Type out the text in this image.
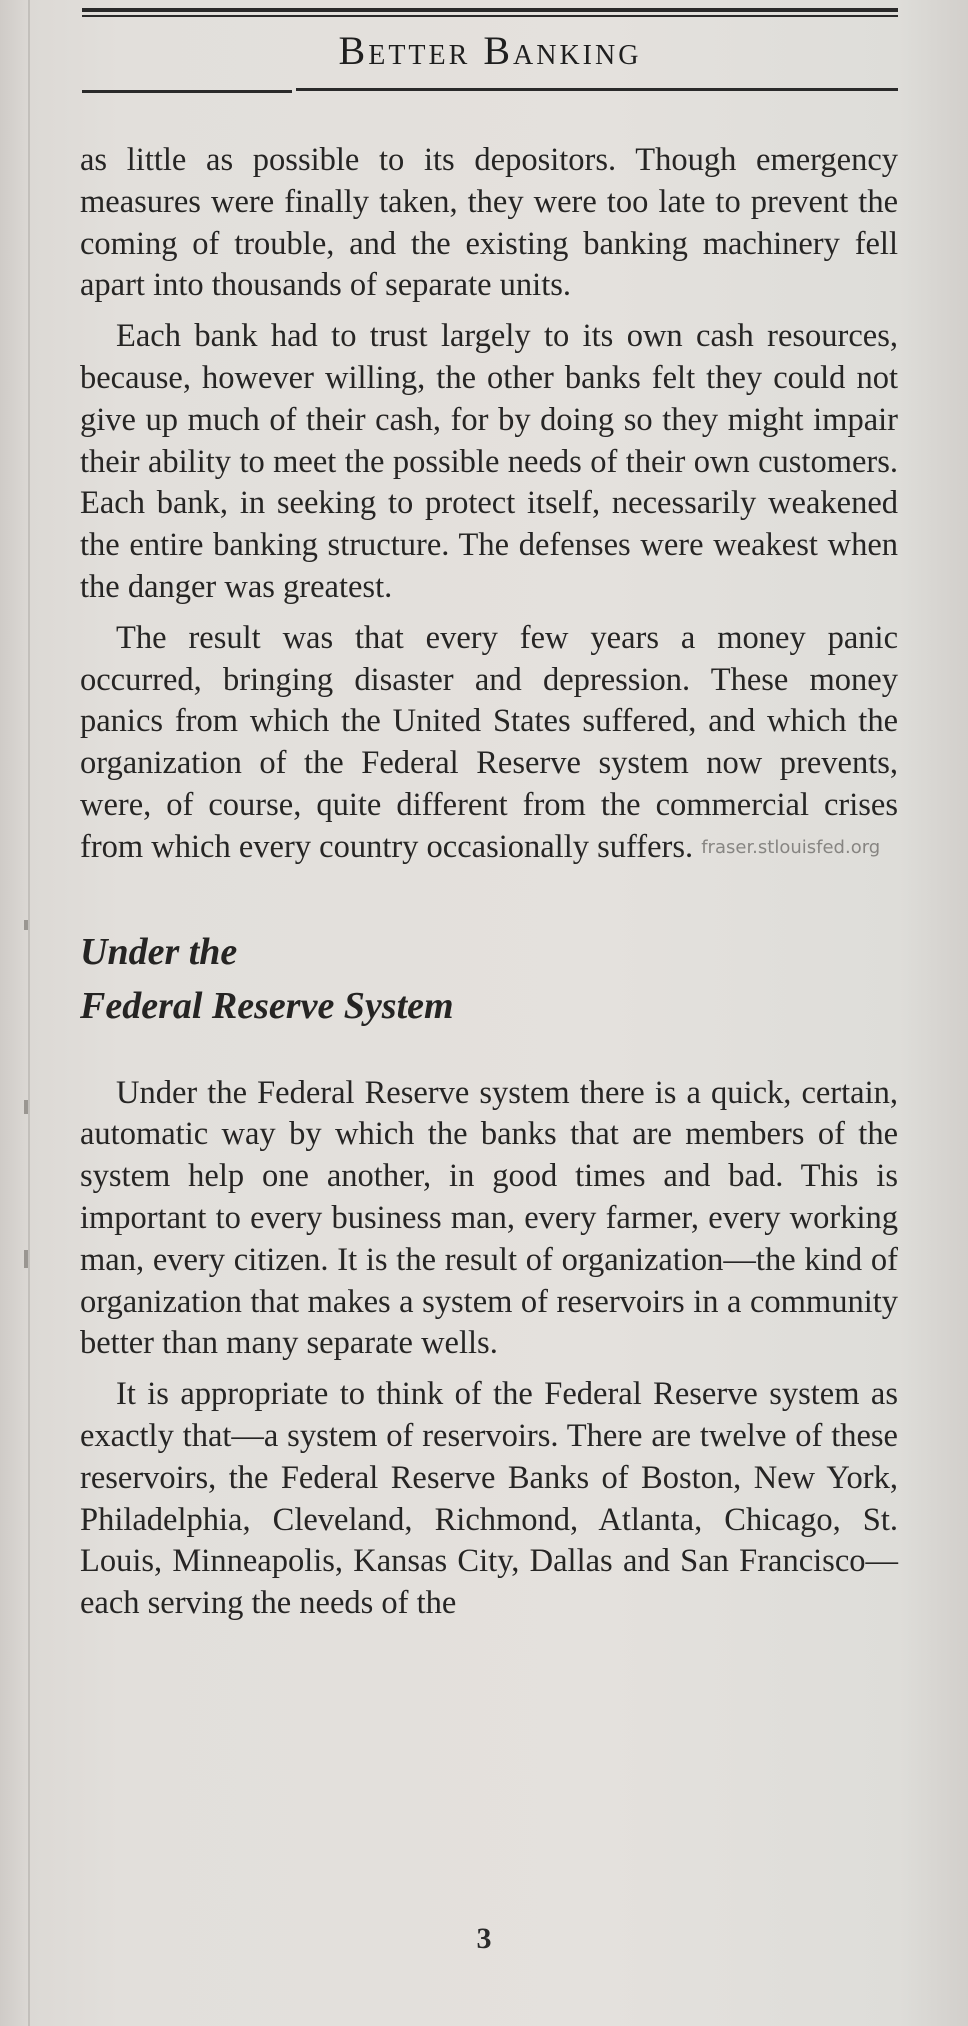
Better Banking

as little as possible to its depositors. Though emergency measures were finally taken, they were too late to prevent the coming of trouble, and the existing banking machinery fell apart into thousands of separate units.

Each bank had to trust largely to its own cash resources, because, however willing, the other banks felt they could not give up much of their cash, for by doing so they might impair their ability to meet the possible needs of their own customers. Each bank, in seeking to protect itself, necessarily weakened the entire banking structure. The defenses were weakest when the danger was greatest.

The result was that every few years a money panic occurred, bringing disaster and depression. These money panics from which the United States suffered, and which the organization of the Federal Reserve system now prevents, were, of course, quite different from the commercial crises from which every country occasionally suffers. fraser.stlouisfed.org

Under the
Federal Reserve System

Under the Federal Reserve system there is a quick, certain, automatic way by which the banks that are members of the system help one another, in good times and bad. This is important to every business man, every farmer, every working man, every citizen. It is the result of organization—the kind of organization that makes a system of reservoirs in a community better than many separate wells.

It is appropriate to think of the Federal Reserve system as exactly that—a system of reservoirs. There are twelve of these reservoirs, the Federal Reserve Banks of Boston, New York, Philadelphia, Cleveland, Richmond, Atlanta, Chicago, St. Louis, Minneapolis, Kansas City, Dallas and San Francisco—each serving the needs of the

3
